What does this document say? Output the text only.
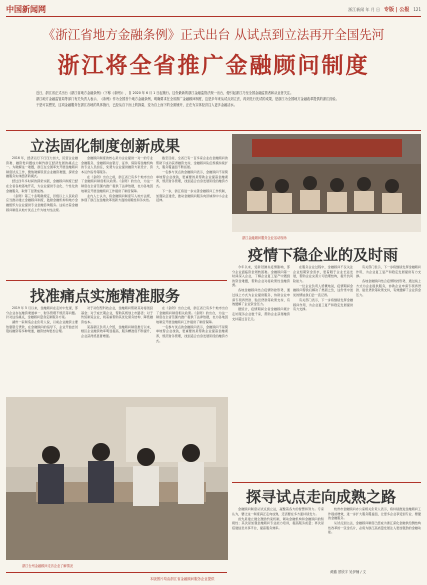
中国新闻网	浙江新闻 年 月 日 专版 | 公报 121
《浙江省地方金融条例》正式出台 从试点到立法再开全国先河
浙江将全省推广金融顾问制度

近日，浙江省正式出台《浙江省地方金融条例》（下称《条例》），自 2020 年 6 月 1 日起施行。这份最新的浙江金融监管法规一出台，便引起浙江乃至全国金融监管者和从业者关注。

浙江地方金融监管局等部门有关负责人表示，《条例》作为全国首个地方金融条例，明确要求在全省推广金融顾问制度，这是多年来从试点到立法，再到先行先试的成果，是浙江为全国地方金融改革提供的浙江经验。

于是可以想见，这项金融服务在浙江各地的具体施行，已经从自下而上的探索，变为自上而下的全面铺开，正在为实体经济注入更多金融活水。

立法固化制度创新成果

2016 年，经济运行下行压力加大，民营企业融资难、融资贵问题成为制约浙江经济发展的痛点之一。为破解这一难题，浙江在全国率先开展金融顾问制度试点工作，聚焦破解民营企业融资难题，探索金融服务实体经济新模式。

经过四年多时间的探索实践，金融顾问制度已经在全省各地落地开花，为企业提供专业化、个性化的金融服务，取得了显著成效。

《条例》第三十条明确规定，县级以上人民政府应当推动建立金融顾问制度，鼓励金融机构和地方金融组织为企业提供专业金融咨询服务。这标志着金融顾问制度从地方试点上升为地方性法规。

金融顾问制度的核心是为企业提供一对一的专业金融服务，金融顾问由银行、证券、保险等金融机构的专业人员担任，免费为企业提供融资方案设计、资本运作指导等服务。

在《条例》出台之前，浙江省已有多个地市出台了金融顾问制度相关政策。《条例》的出台，为这一制度在全省范围内推广提供了法律依据，也为各地因地制宜开展金融顾问工作提供了制度保障。

业内人士认为，将金融顾问制度写入地方法规，体现了浙江在金融改革创新方面的前瞻性和务实性。

截至目前，全省已有一百多家企业在金融顾问的帮助下成功获得融资支持，金融顾问队伍规模持续扩大，服务覆盖面不断拓展。

一名参与试点的金融顾问表示，金融顾问不是简单地帮企业找钱，更重要的是帮助企业提高金融素养，规范财务管理，找到适合自身发展阶段的融资方式。

下一步，浙江将进一步完善金融顾问工作机制，加强队伍建设，推动金融顾问服务向县域和中小企业延伸。

浙江金融顾问服务企业活动现场
疫情下稳企业的及时雨

今年以来，受新冠肺炎疫情影响，部分企业面临资金周转困难。金融顾问第一时间深入企业，了解企业复工复产中遇到的资金难题，帮助企业对接政策性金融资源。

各地金融顾问结合疫情防控形势，通过线上方式为企业提供服务，协助企业申请专项再贷款、贴息贷款等政策支持，有效缓解了企业资金压力。

据统计，疫情期间全省金融顾问累计走访服务企业数千家，帮助企业获得融资支持超过百亿元。

在服务企业过程中，金融顾问不仅关注企业短期资金需求，更着眼于企业长远发展，帮助企业完善公司治理结构，提升抗风险能力。

一位企业负责人感慨地说，疫情期间金融顾问帮我们解决了燃眉之急，这份雪中送炭的情谊我们会一直记得。

有关部门表示，下一步将继续发挥金融顾问作用，为企业复工复产和稳定发展提供有力支撑。

有关部门表示，下一步将继续发挥金融顾问作用，为企业复工复产和稳定发展提供有力支撑。

各地金融顾问结合疫情防控形势，通过线上方式为企业提供服务，协助企业申请专项再贷款、贴息贷款等政策支持，有效缓解了企业资金压力。

找准痛点实施精准服务

2019 年 5 月以来，金融顾问在走访中发现，部分企业存在融资渠道单一、财务管理不规范等问题。针对这些痛点，金融顾问量身定制服务方案。

湖州一家制造企业负责人说，以前企业融资主要依靠银行贷款，在金融顾问的指导下，企业开始尝试股权融资等多种渠道，融资结构更加合理。

对于初创型科技企业，金融顾问帮助其对接创投基金；对于成长期企业，帮助其规划上市路径；对于传统制造企业，则着重帮助其优化债务结构、降低融资成本。

某高新区负责人介绍，金融顾问制度推行以来，辖区企业融资效率明显提高，服务精准度不断提升，企业获得感显著增强。

在《条例》出台之前，浙江省已有多个地市出台了金融顾问制度相关政策。《条例》的出台，为这一制度在全省范围内推广提供了法律依据，也为各地因地制宜开展金融顾问工作提供了制度保障。

一名参与试点的金融顾问表示，金融顾问不是简单地帮企业找钱，更重要的是帮助企业提高金融素养，规范财务管理，找到适合自身发展阶段的融资方式。

浙江台州金融顾问走访企业了解情况
探寻试点走向成熟之路

金融顾问制度从试点到立法，凝聚着各方的智慧和努力。专家认为，要让这一制度真正走向成熟，还需要在多方面持续发力。

首先是建立健全激励约束机制，调动金融机构和金融顾问的积极性；其次是加强金融顾问专业能力培训，提高服务质量；再次是搭建信息共享平台，提高服务效率。

杭州市金融顾问办公室相关负责人表示，将持续推进金融顾问工作提质增效，进一步扩大服务覆盖面，让更多企业享受到专业、便捷的金融服务。

从试点到立法，金融顾问制度已经成为浙江深化金融供给侧结构性改革的一张金名片，必将为浙江高质量发展注入更加强劲的金融动能。

黄璐 蔡欣宇 吴伊楠 / 文
本版图片均由浙江省金融顾问服务企业提供
